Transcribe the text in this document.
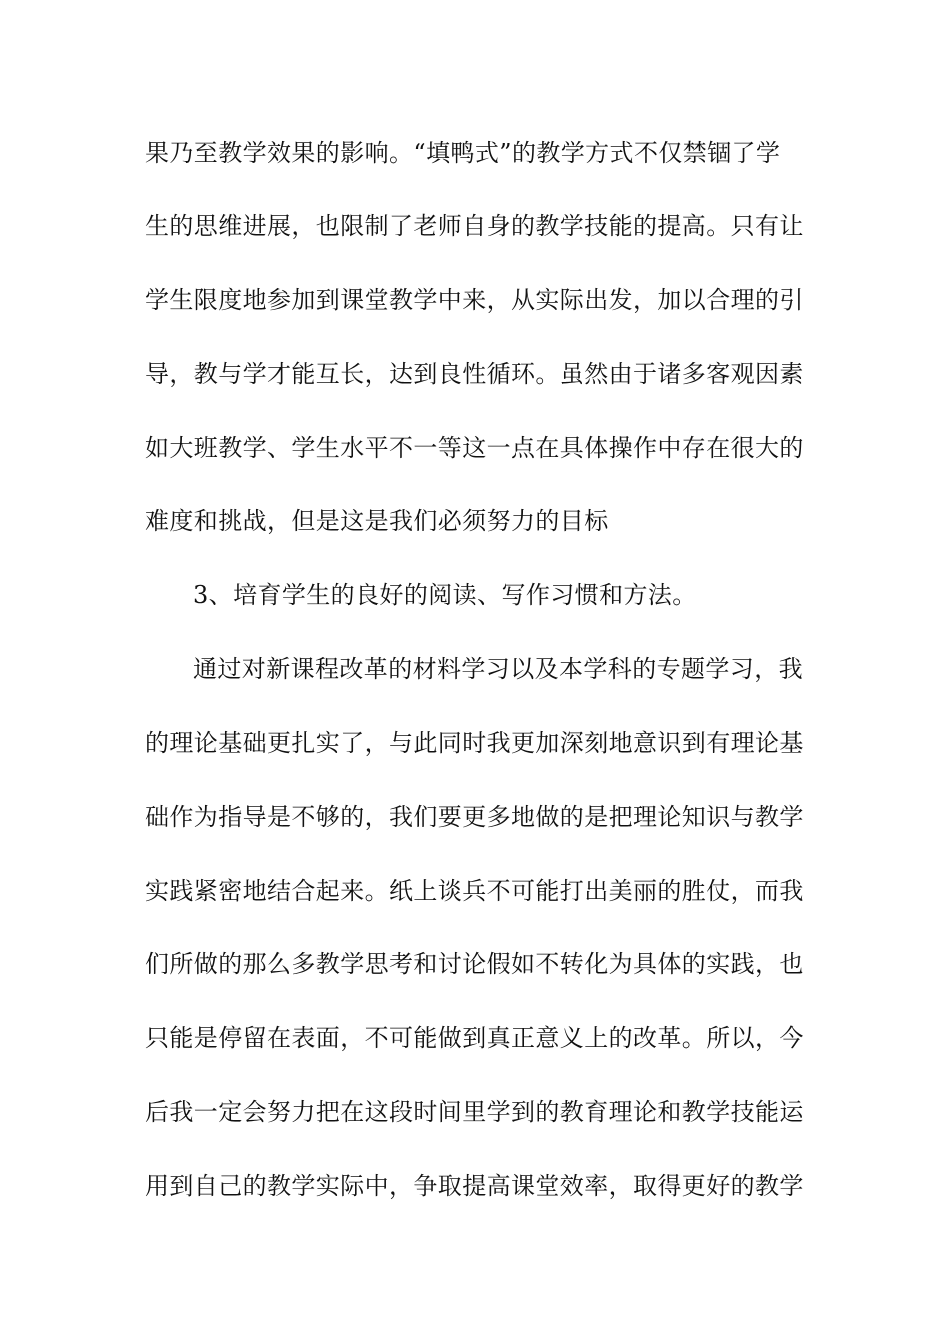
果乃至教学效果的影响。“填鸭式”的教学方式不仅禁锢了学
生的思维进展，也限制了老师自身的教学技能的提高。只有让
学生限度地参加到课堂教学中来，从实际出发，加以合理的引
导，教与学才能互长，达到良性循环。虽然由于诸多客观因素
如大班教学、学生水平不一等这一点在具体操作中存在很大的
难度和挑战，但是这是我们必须努力的目标
3、培育学生的良好的阅读、写作习惯和方法。
通过对新课程改革的材料学习以及本学科的专题学习，我
的理论基础更扎实了，与此同时我更加深刻地意识到有理论基
础作为指导是不够的，我们要更多地做的是把理论知识与教学
实践紧密地结合起来。纸上谈兵不可能打出美丽的胜仗，而我
们所做的那么多教学思考和讨论假如不转化为具体的实践，也
只能是停留在表面，不可能做到真正意义上的改革。所以，今
后我一定会努力把在这段时间里学到的教育理论和教学技能运
用到自己的教学实际中，争取提高课堂效率，取得更好的教学
